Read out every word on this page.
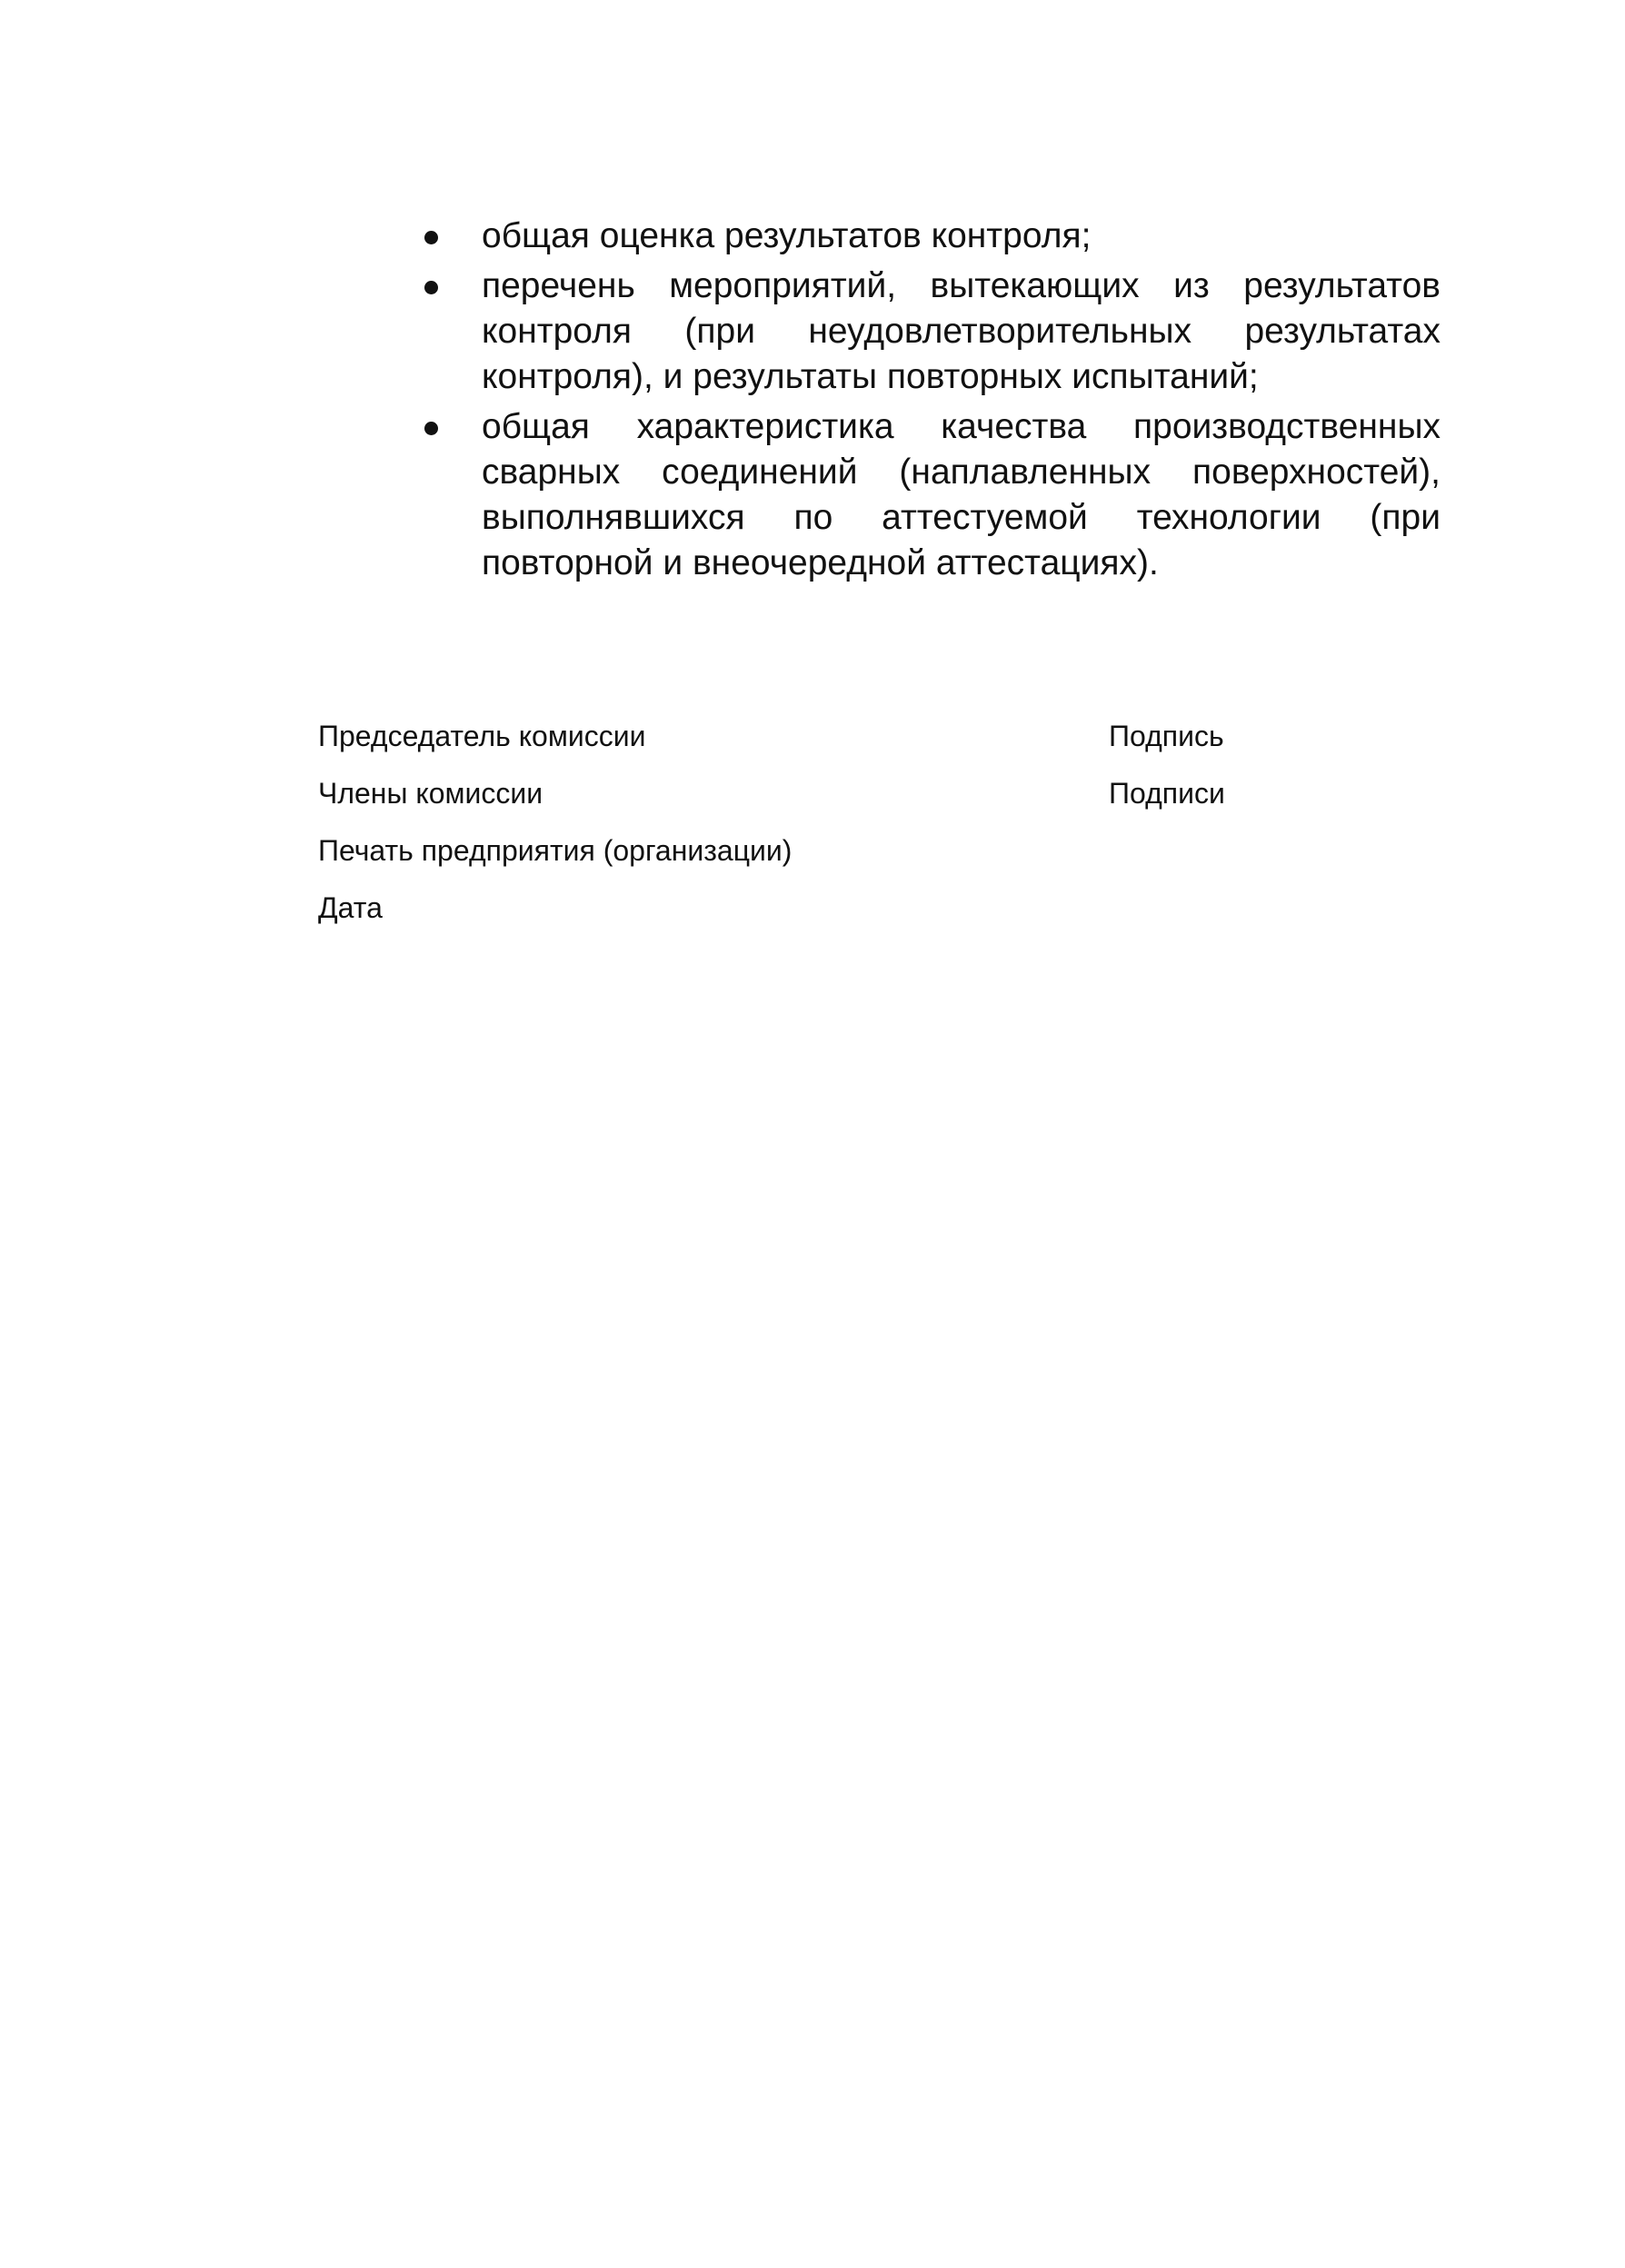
общая оценка результатов контроля;
перечень мероприятий, вытекающих из результатов контроля (при неудовлетворительных результатах контроля), и результаты повторных испытаний;
общая характеристика качества производственных сварных соединений (наплавленных поверхностей), выполнявшихся по аттестуемой технологии (при повторной и внеочередной аттестациях).
Председатель комиссии	Подпись
Члены комиссии	Подписи
Печать предприятия (организации)
Дата
